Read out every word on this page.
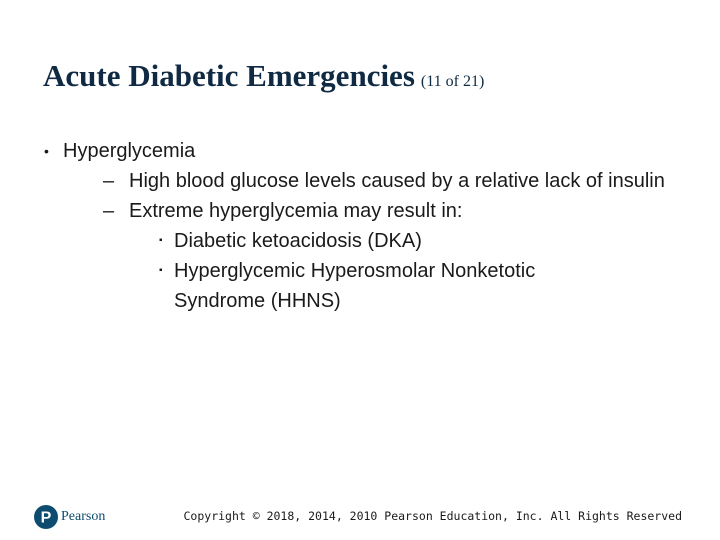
Acute Diabetic Emergencies (11 of 21)
• Hyperglycemia
– High blood glucose levels caused by a relative lack of insulin
– Extreme hyperglycemia may result in:
▪ Diabetic ketoacidosis (DKA)
▪ Hyperglycemic Hyperosmolar Nonketotic Syndrome (HHNS)
P Pearson	Copyright © 2018, 2014, 2010 Pearson Education, Inc. All Rights Reserved
